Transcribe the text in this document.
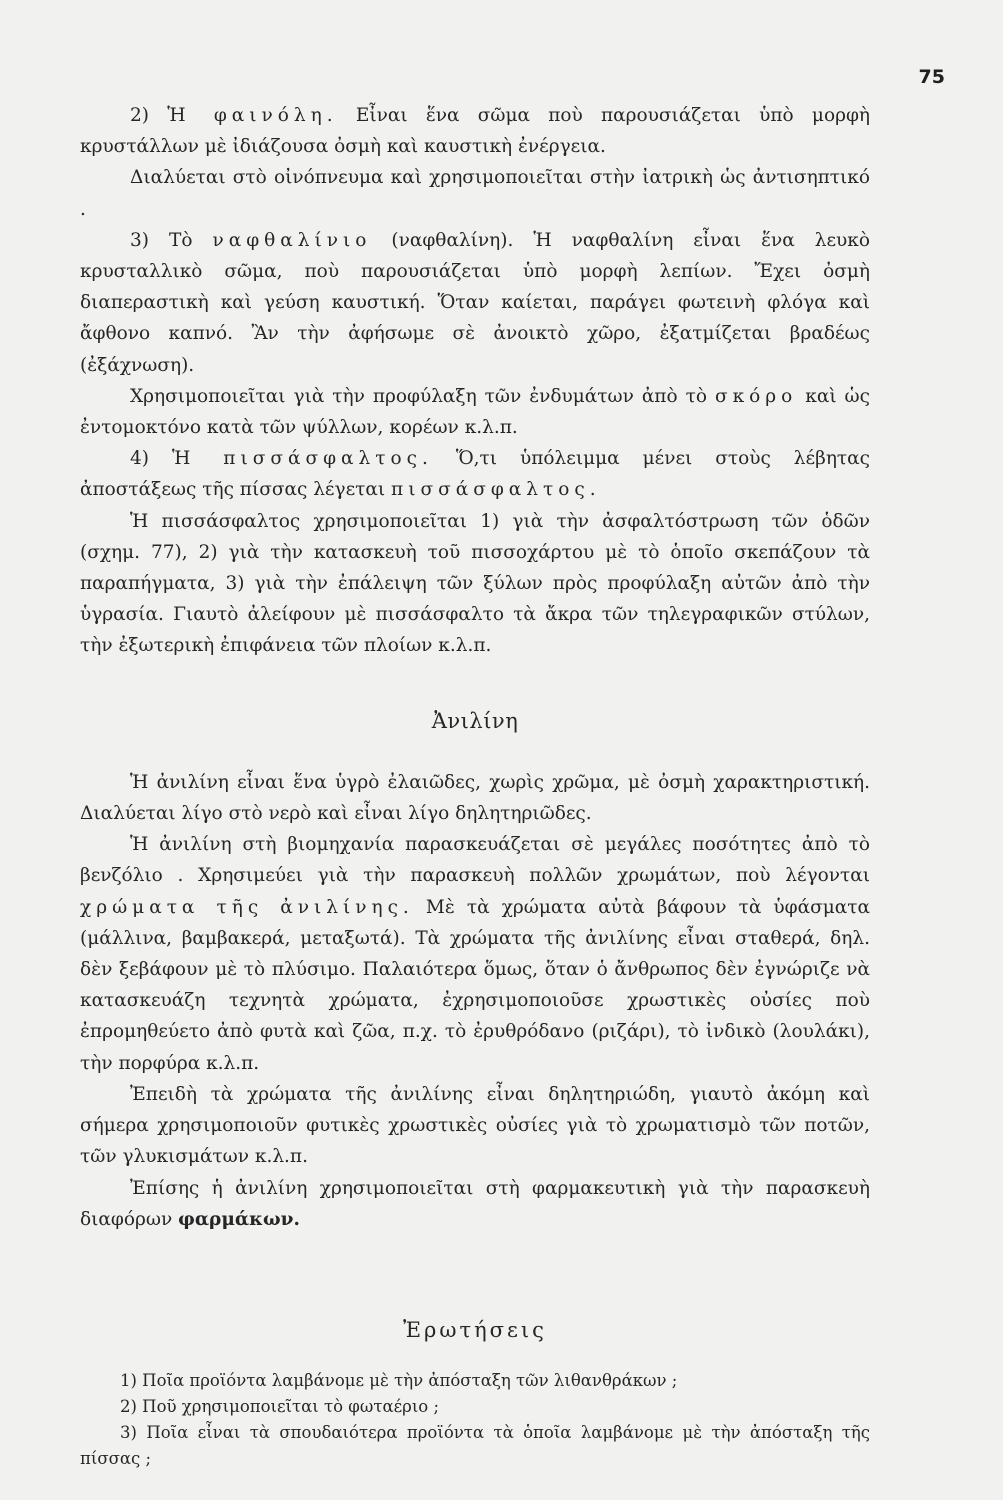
75

2) Ἡ φαινόλη. Εἶναι ἕνα σῶμα ποὺ παρουσιάζεται ὑπὸ μορφὴ κρυστάλλων μὲ ἰδιάζουσα ὀσμὴ καὶ καυστικὴ ἐνέργεια.

Διαλύεται στὸ οἰνόπνευμα καὶ χρησιμοποιεῖται στὴν ἰατρικὴ ὡς ἀντισηπτικό .

3) Τὸ ναφθαλίνιο (ναφθαλίνη). Ἡ ναφθαλίνη εἶναι ἕνα λευκὸ κρυσταλλικὸ σῶμα, ποὺ παρουσιάζεται ὑπὸ μορφὴ λεπίων. Ἔχει ὀσμὴ διαπεραστικὴ καὶ γεύση καυστική. Ὅταν καίεται, παράγει φωτεινὴ φλόγα καὶ ἄφθονο καπνό. Ἂν τὴν ἀφήσωμε σὲ ἀνοικτὸ χῶρο, ἐξατμίζεται βραδέως (ἐξάχνωση).

Χρησιμοποιεῖται γιὰ τὴν προφύλαξη τῶν ἐνδυμάτων ἀπὸ τὸ σκόρο καὶ ὡς ἐντομοκτόνο κατὰ τῶν ψύλλων, κορέων κ.λ.π.

4) Ἡ πισσάσφαλτος. Ὅ,τι ὑπόλειμμα μένει στοὺς λέβητας ἀποστάξεως τῆς πίσσας λέγεται πισσάσφαλτος.

Ἡ πισσάσφαλτος χρησιμοποιεῖται 1) γιὰ τὴν ἀσφαλτόστρωση τῶν ὁδῶν (σχημ. 77), 2) γιὰ τὴν κατασκευὴ τοῦ πισσοχάρτου μὲ τὸ ὁποῖο σκεπάζουν τὰ παραπήγματα, 3) γιὰ τὴν ἐπάλειψη τῶν ξύλων πρὸς προφύλαξη αὐτῶν ἀπὸ τὴν ὑγρασία. Γιαυτὸ ἀλείφουν μὲ πισσάσφαλτο τὰ ἄκρα τῶν τηλεγραφικῶν στύλων, τὴν ἐξωτερικὴ ἐπιφάνεια τῶν πλοίων κ.λ.π.

Ἀνιλίνη

Ἡ ἀνιλίνη εἶναι ἕνα ὑγρὸ ἐλαιῶδες, χωρὶς χρῶμα, μὲ ὀσμὴ χαρακτηριστική. Διαλύεται λίγο στὸ νερὸ καὶ εἶναι λίγο δηλητηριῶδες.

Ἡ ἀνιλίνη στὴ βιομηχανία παρασκευάζεται σὲ μεγάλες ποσότητες ἀπὸ τὸ βενζόλιο . Χρησιμεύει γιὰ τὴν παρασκευὴ πολλῶν χρωμάτων, ποὺ λέγονται χρώματα τῆς ἀνιλίνης. Μὲ τὰ χρώματα αὐτὰ βάφουν τὰ ὑφάσματα (μάλλινα, βαμβακερά, μεταξωτά). Τὰ χρώματα τῆς ἀνιλίνης εἶναι σταθερά, δηλ. δὲν ξεβάφουν μὲ τὸ πλύσιμο. Παλαιότερα ὅμως, ὅταν ὁ ἄνθρωπος δὲν ἐγνώριζε νὰ κατασκευάζη τεχνητὰ χρώματα, ἐχρησιμοποιοῦσε χρωστικὲς οὐσίες ποὺ ἐπρομηθεύετο ἀπὸ φυτὰ καὶ ζῶα, π.χ. τὸ ἐρυθρόδανο (ριζάρι), τὸ ἰνδικὸ (λουλάκι), τὴν πορφύρα κ.λ.π.

Ἐπειδὴ τὰ χρώματα τῆς ἀνιλίνης εἶναι δηλητηριώδη, γιαυτὸ ἀκόμη καὶ σήμερα χρησιμοποιοῦν φυτικὲς χρωστικὲς οὐσίες γιὰ τὸ χρωματισμὸ τῶν ποτῶν, τῶν γλυκισμάτων κ.λ.π.

Ἐπίσης ἡ ἀνιλίνη χρησιμοποιεῖται στὴ φαρμακευτικὴ γιὰ τὴν παρασκευὴ διαφόρων φαρμάκων.

Ἐρωτήσεις

1) Ποῖα προϊόντα λαμβάνομε μὲ τὴν ἀπόσταξη τῶν λιθανθράκων ;

2) Ποῦ χρησιμοποιεῖται τὸ φωταέριο ;

3) Ποῖα εἶναι τὰ σπουδαιότερα προϊόντα τὰ ὁποῖα λαμβάνομε μὲ τὴν ἀπόσταξη τῆς πίσσας ;
